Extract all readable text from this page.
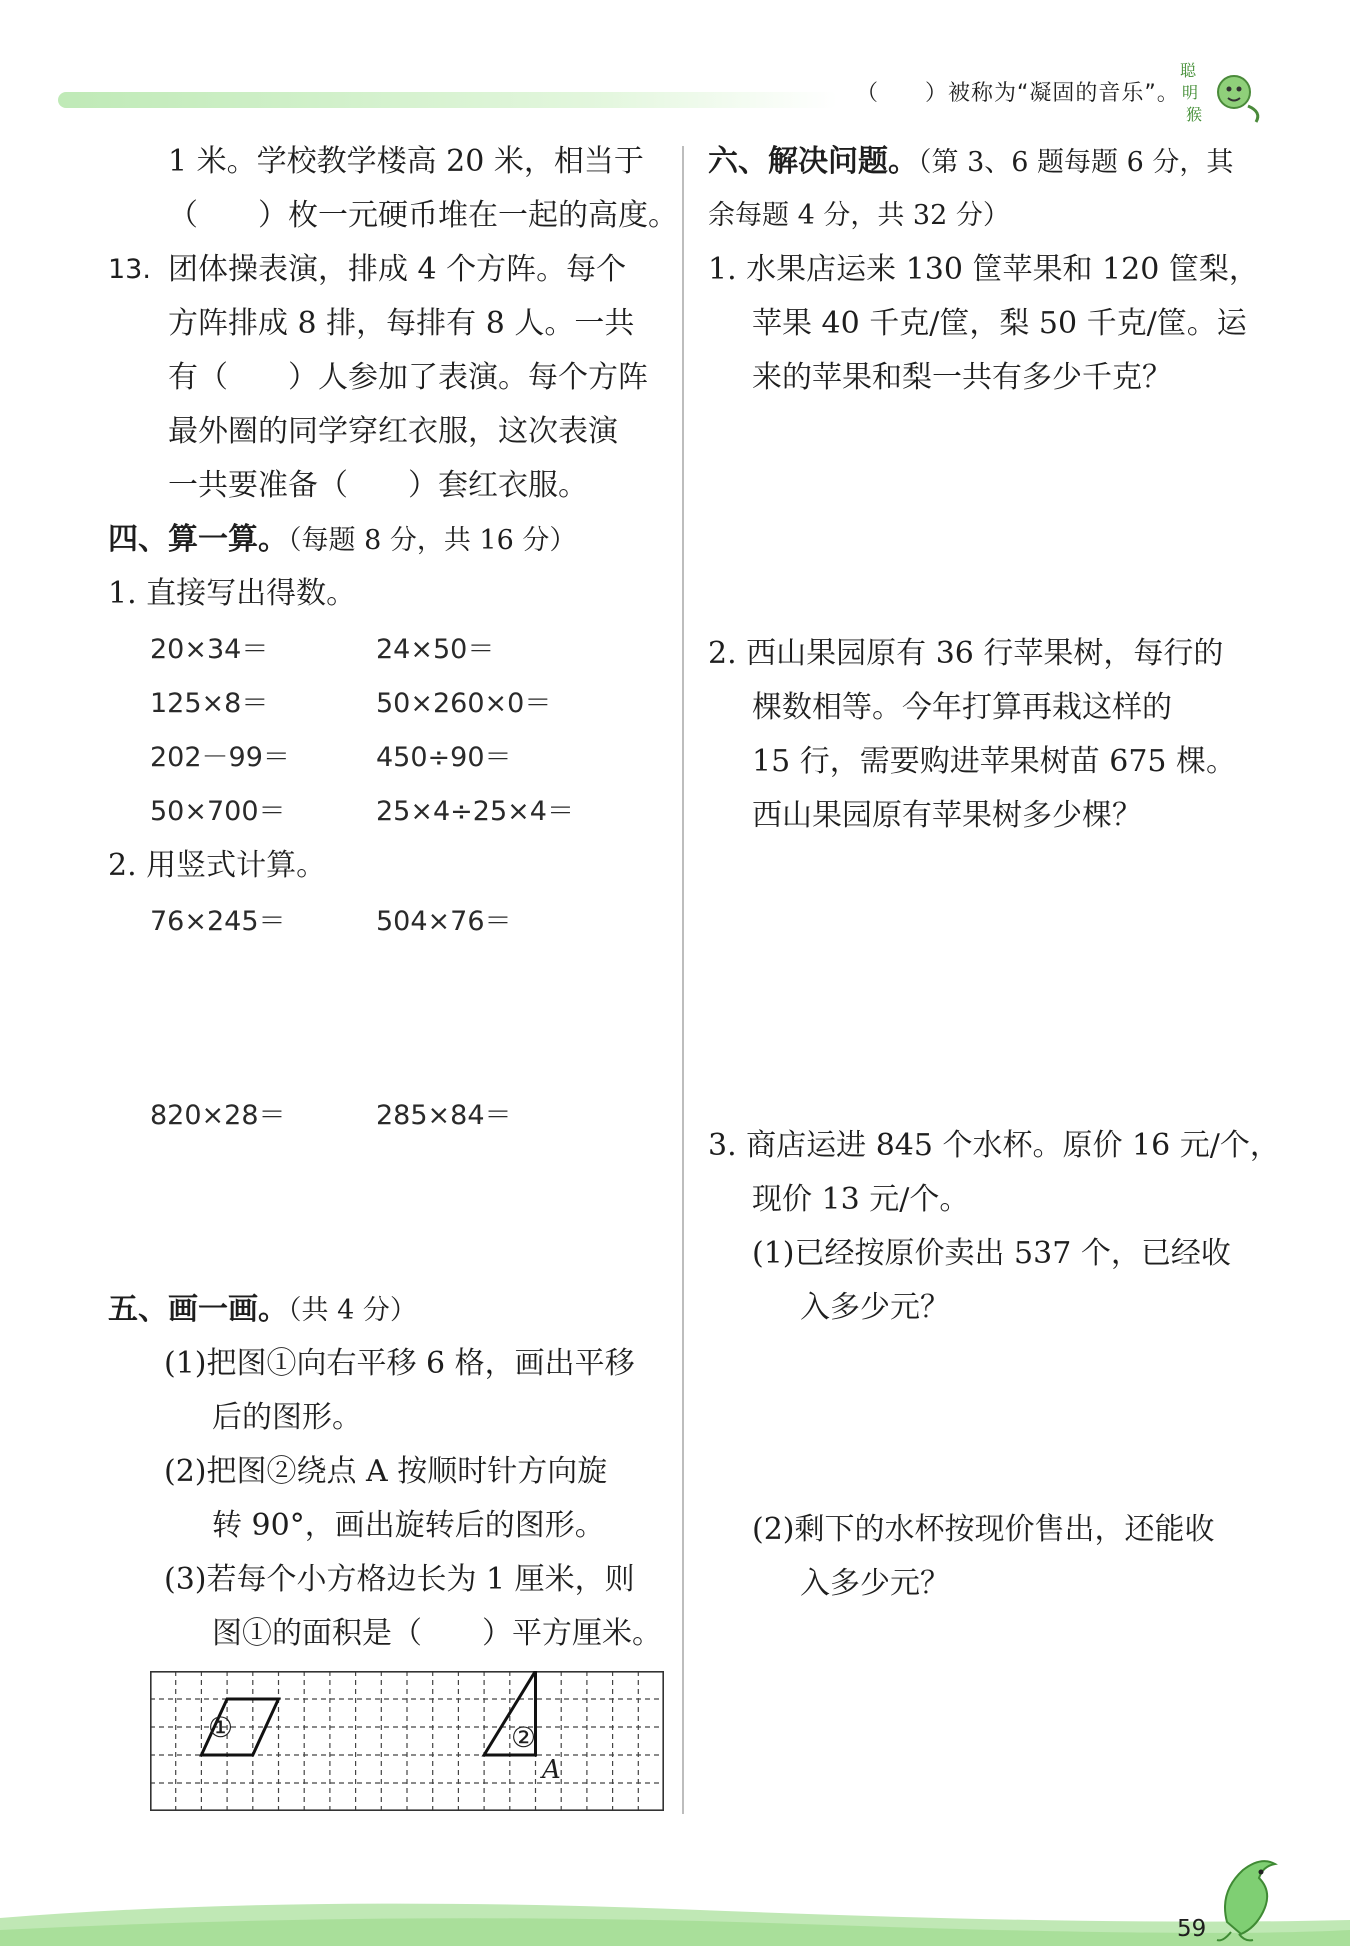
（　　）被称为“凝固的音乐”。
聪
明
猴
1 米。学校教学楼高 20 米，相当于
（　　）枚一元硬币堆在一起的高度。
13. 团体操表演，排成 4 个方阵。每个
方阵排成 8 排，每排有 8 人。一共
有（　　）人参加了表演。每个方阵
最外圈的同学穿红衣服，这次表演
一共要准备（　　）套红衣服。
四、算一算。（每题 8 分，共 16 分）
1. 直接写出得数。
20×34＝	24×50＝
125×8＝	50×260×0＝
202－99＝	450÷90＝
50×700＝	25×4÷25×4＝
2. 用竖式计算。
76×245＝	504×76＝
820×28＝	285×84＝
五、画一画。（共 4 分）
(1)把图①向右平移 6 格，画出平移
后的图形。
(2)把图②绕点 A 按顺时针方向旋
转 90°，画出旋转后的图形。
(3)若每个小方格边长为 1 厘米，则
图①的面积是（　　）平方厘米。
①	②
A
六、解决问题。（第 3、6 题每题 6 分，其
余每题 4 分，共 32 分）
1. 水果店运来 130 筐苹果和 120 筐梨，
苹果 40 千克/筐，梨 50 千克/筐。运
来的苹果和梨一共有多少千克？
2. 西山果园原有 36 行苹果树，每行的
棵数相等。今年打算再栽这样的
15 行，需要购进苹果树苗 675 棵。
西山果园原有苹果树多少棵？
3. 商店运进 845 个水杯。原价 16 元/个，
现价 13 元/个。
(1)已经按原价卖出 537 个，已经收
入多少元？
(2)剩下的水杯按现价售出，还能收
入多少元？
59
